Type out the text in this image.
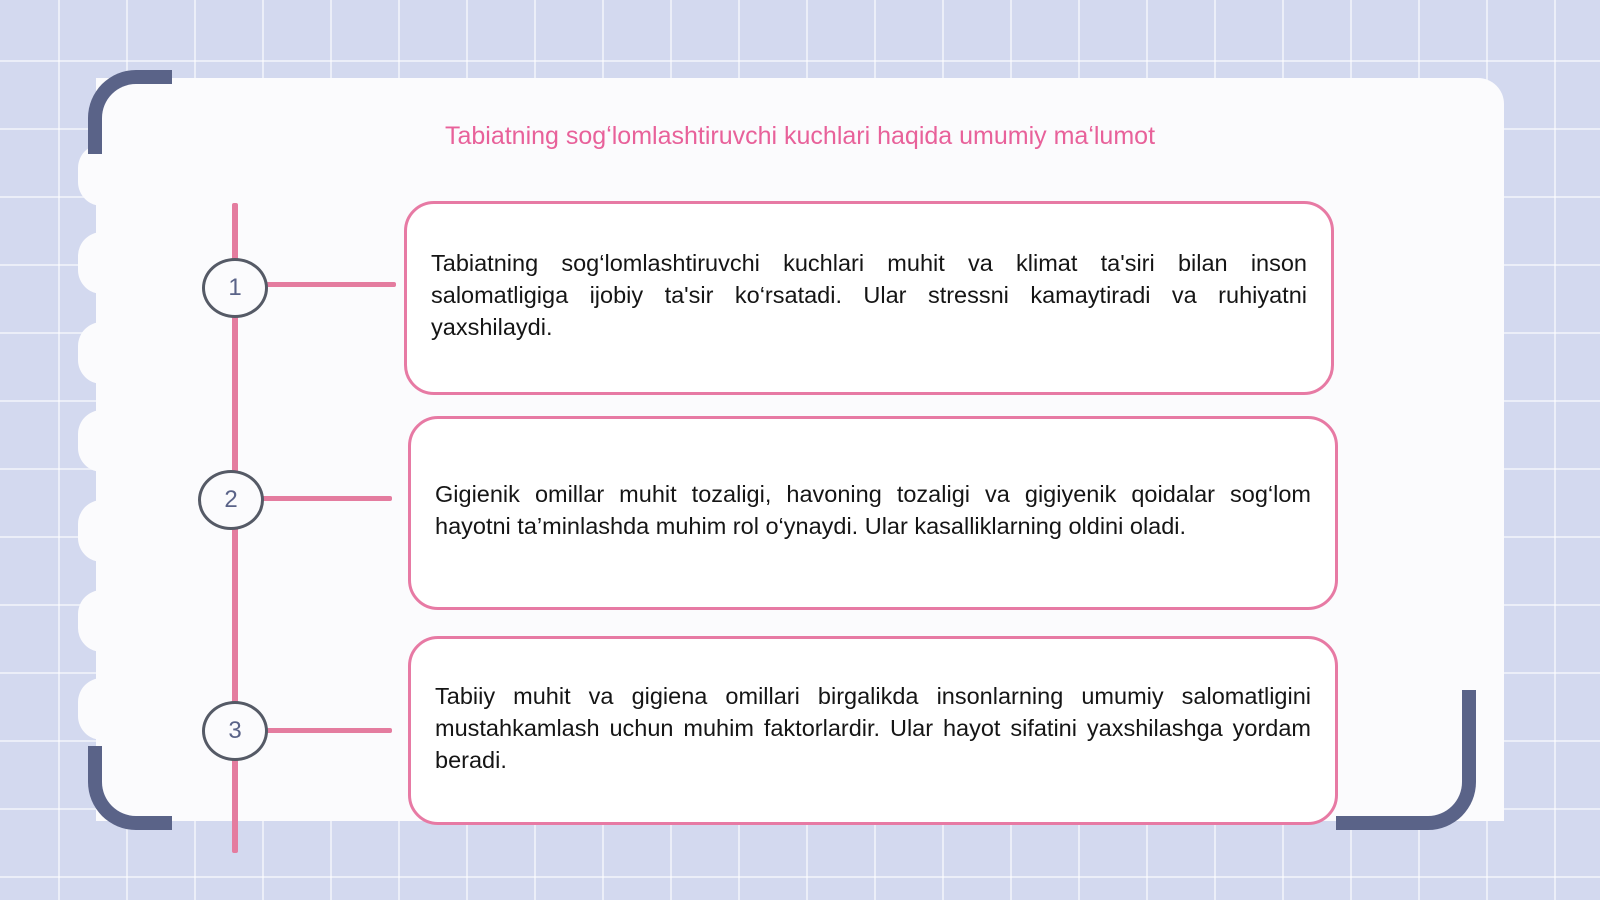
Tabiatning sogʻlomlashtiruvchi kuchlari haqida umumiy maʻlumot
1
2
3

Tabiatning sog‘lomlashtiruvchi kuchlari muhit va klimat ta'siri bilan inson salomatligiga ijobiy ta'sir ko‘rsatadi. Ular stressni kamaytiradi va ruhiyatni yaxshilaydi.

Gigienik omillar muhit tozaligi, havoning tozaligi va gigiyenik qoidalar sog‘lom hayotni ta’minlashda muhim rol o‘ynaydi. Ular kasalliklarning oldini oladi.

Tabiiy muhit va gigiena omillari birgalikda insonlarning umumiy salomatligini mustahkamlash uchun muhim faktorlardir. Ular hayot sifatini yaxshilashga yordam beradi.
